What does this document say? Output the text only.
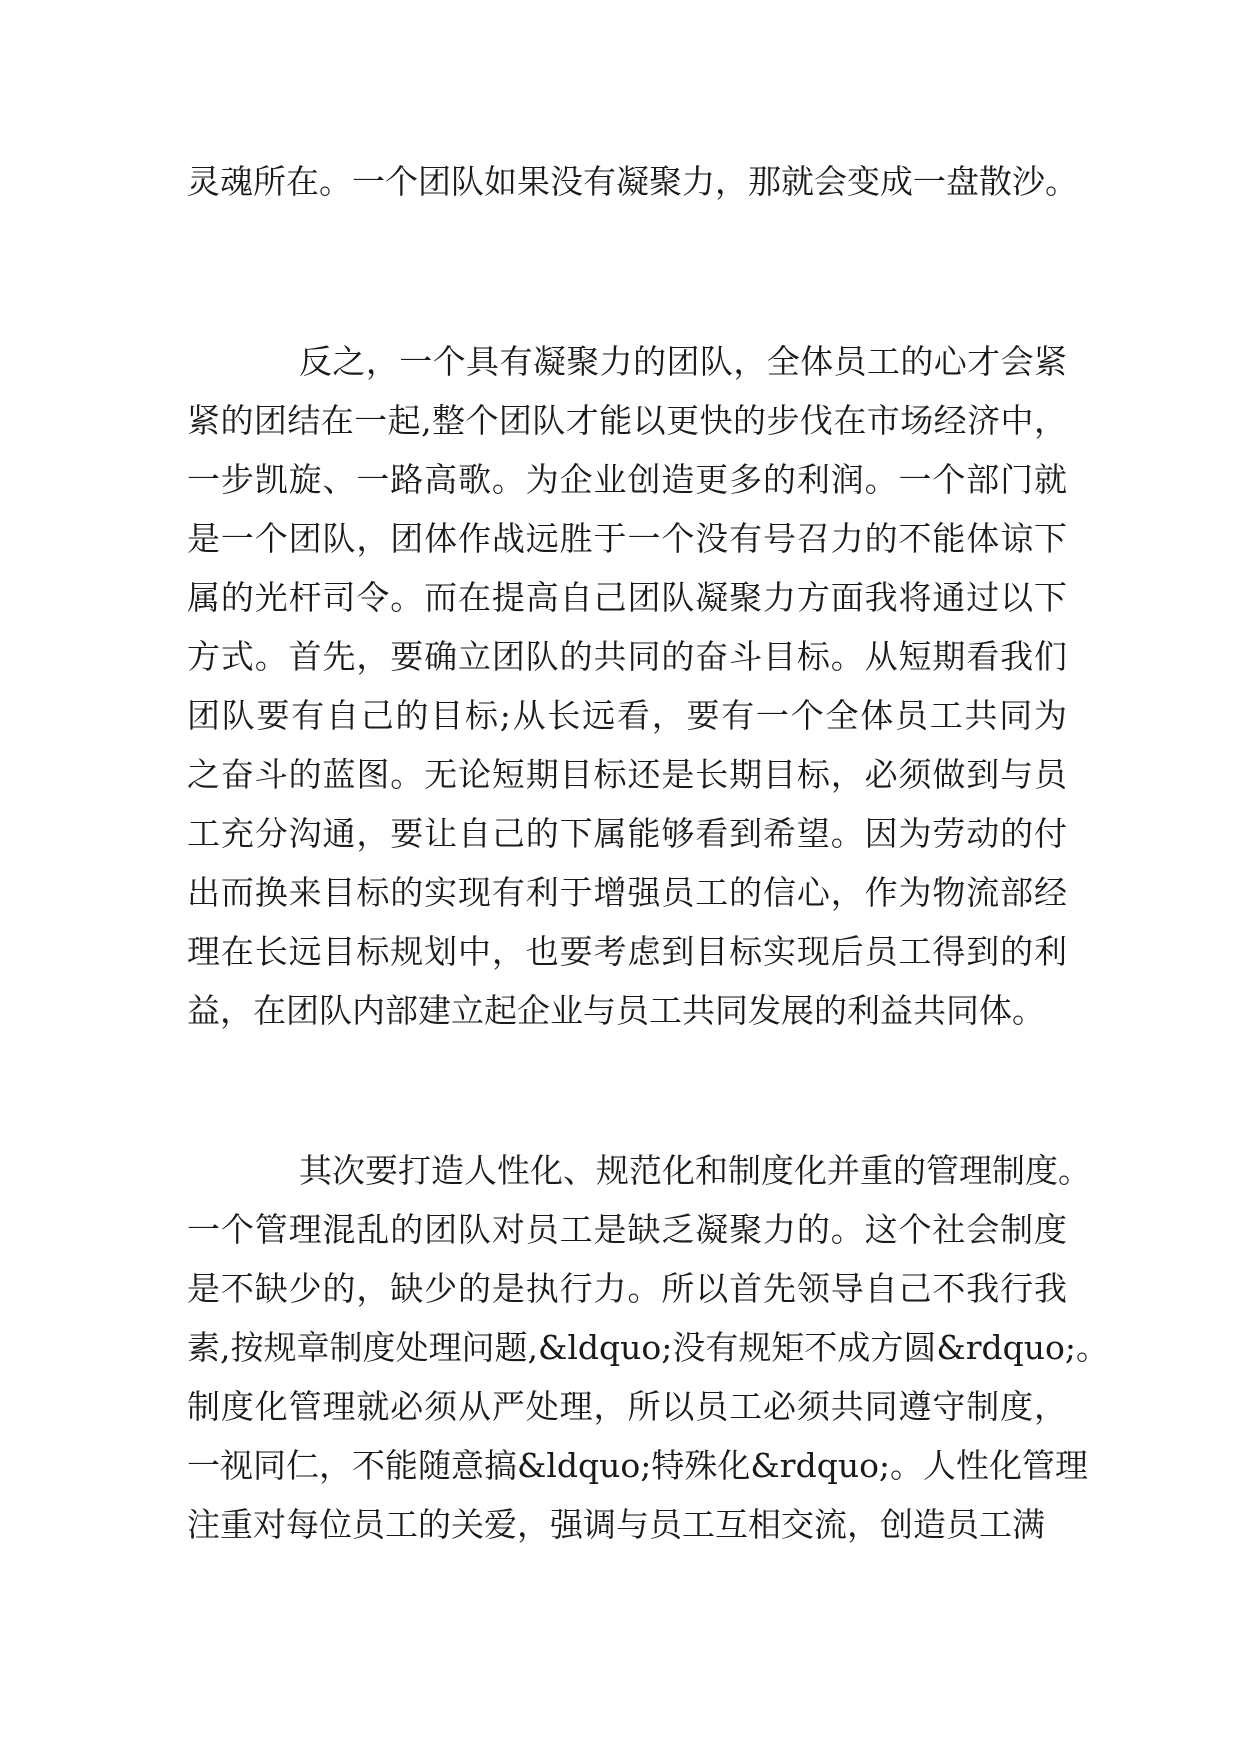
灵魂所在。一个团队如果没有凝聚力，那就会变成一盘散沙。
反之，一个具有凝聚力的团队，全体员工的心才会紧
紧的团结在一起,整个团队才能以更快的步伐在市场经济中，
一步凯旋、一路高歌。为企业创造更多的利润。一个部门就
是一个团队，团体作战远胜于一个没有号召力的不能体谅下
属的光杆司令。而在提高自己团队凝聚力方面我将通过以下
方式。首先，要确立团队的共同的奋斗目标。从短期看我们
团队要有自己的目标;从长远看，要有一个全体员工共同为
之奋斗的蓝图。无论短期目标还是长期目标，必须做到与员
工充分沟通，要让自己的下属能够看到希望。因为劳动的付
出而换来目标的实现有利于增强员工的信心，作为物流部经
理在长远目标规划中，也要考虑到目标实现后员工得到的利
益，在团队内部建立起企业与员工共同发展的利益共同体。
其次要打造人性化、规范化和制度化并重的管理制度。
一个管理混乱的团队对员工是缺乏凝聚力的。这个社会制度
是不缺少的，缺少的是执行力。所以首先领导自己不我行我
素,按规章制度处理问题,&ldquo;没有规矩不成方圆&rdquo;。
制度化管理就必须从严处理，所以员工必须共同遵守制度，
一视同仁，不能随意搞&ldquo;特殊化&rdquo;。人性化管理
注重对每位员工的关爱，强调与员工互相交流，创造员工满
